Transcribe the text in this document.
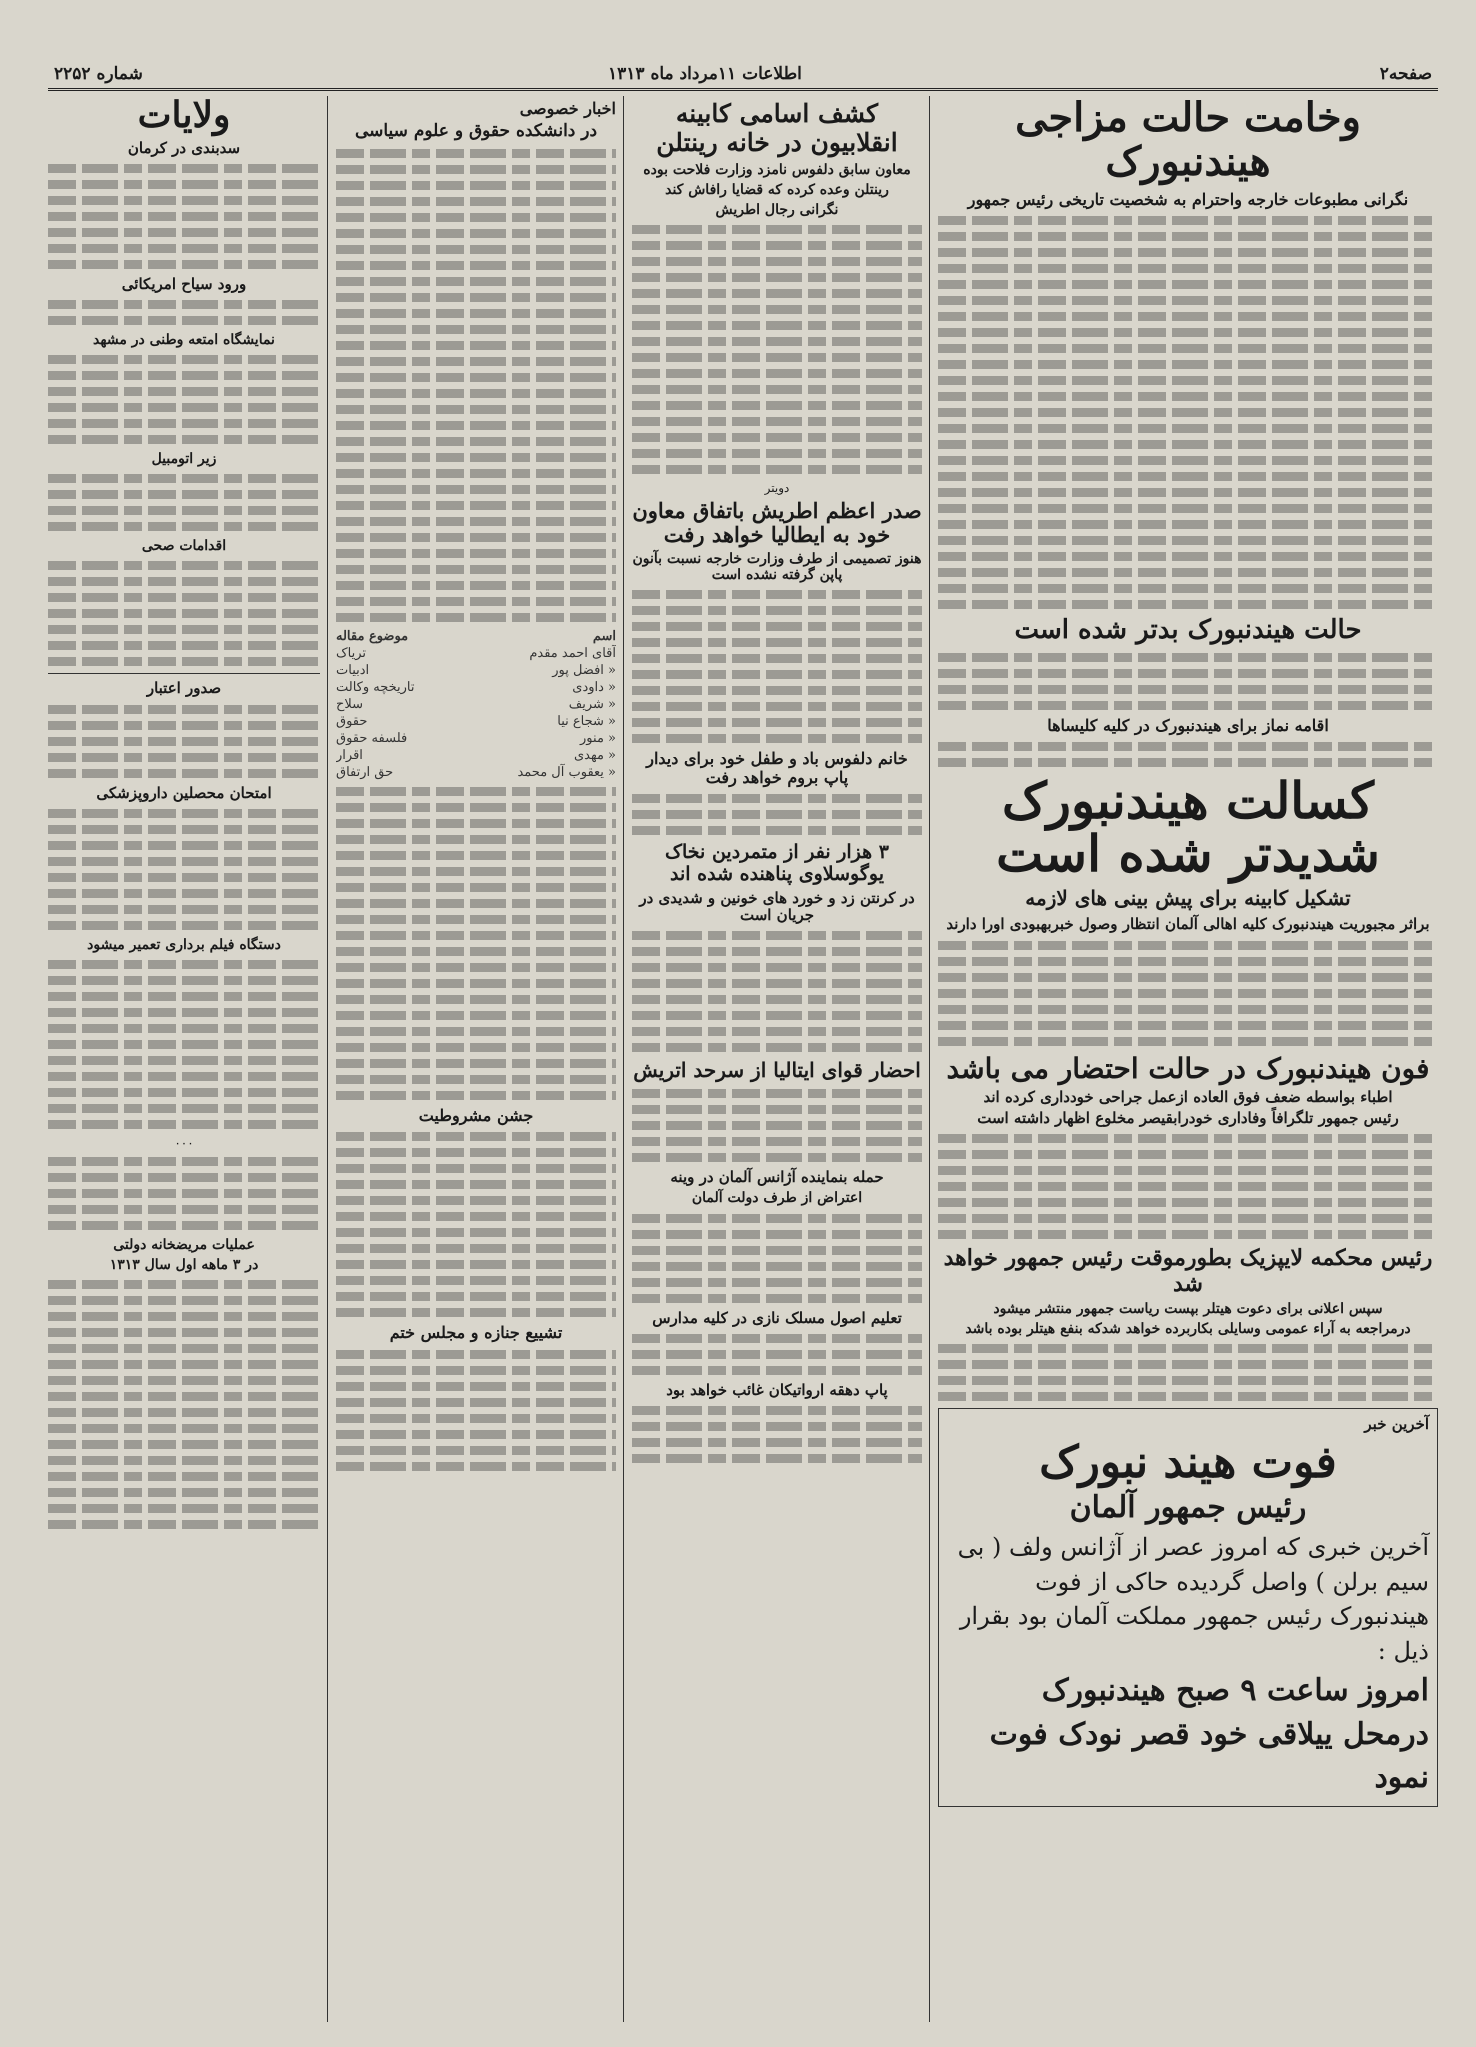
صفحه۲
اطلاعات ۱۱مرداد ماه ۱۳۱۳
شماره ۲۲۵۲
وخامت حالت مزاجی هیندنبورک
نگرانی مطبوعات خارجه واحترام به شخصیت تاریخی رئیس جمهور
حالت هیندنبورک بدتر شده است
اقامه نماز برای هیندنبورک در کلیه کلیساها
کسالت هیندنبورک شدیدتر شده است
تشکیل کابینه برای پیش بینی های لازمه
براثر مجبوریت هیندنبورک کلیه اهالی آلمان انتظار وصول خبربهبودی اورا دارند
فون هیندنبورک در حالت احتضار می باشد
اطباء بواسطه ضعف فوق العاده ازعمل جراحی خودداری کرده اند
رئیس جمهور تلگرافاً وفاداری خودرابقیصر مخلوع اظهار داشته است
رئیس محکمه لایپزیک بطورموقت رئیس جمهور خواهد شد
سپس اعلانی برای دعوت هیتلر بپست ریاست جمهور منتشر میشود
درمراجعه به آراء عمومی وسایلی بکاربرده خواهد شدکه بنفع هیتلر بوده باشد
آخرین خبر
فوت هیند نبورک
رئیس جمهور آلمان
آخرین خبری که امروز عصر از آژانس ولف ( بی سیم برلن ) واصل گردیده حاکی از فوت هیندنبورک رئیس جمهور مملکت آلمان بود بقرار ذیل :
امروز ساعت ۹ صبح هیندنبورک درمحل ییلاقی خود قصر نودک فوت نمود
کشف اسامی کابینه انقلابیون در خانه رینتلن
معاون سابق دلفوس نامزد وزارت فلاحت بوده
رینتلن وعده کرده که قضایا رافاش کند
نگرانی رجال اطریش
دویتر
صدر اعظم اطریش باتفاق معاون خود به ایطالیا خواهد رفت
هنوز تصمیمی از طرف وزارت خارجه نسبت بآنون پاپن گرفته نشده است
خانم دلفوس باد و طفل خود برای دیدار پاپ بروم خواهد رفت
۳ هزار نفر از متمردین نخاک یوگوسلاوی پناهنده شده اند
در کرنتن زد و خورد های خونین و شدیدی در جریان است
احضار قوای ایتالیا از سرحد اتریش
حمله بنماینده آژانس آلمان در وینه
اعتراض از طرف دولت آلمان
تعلیم اصول مسلک نازی در کلیه مدارس
پاپ دهقه ارواتیکان غائب خواهد بود
اخبار خصوصی
در دانشکده حقوق و علوم سیاسی
اسم
موضوع مقاله
آقای احمد مقدم
تریاک
« افضل پور
ادبیات
« داودی
تاریخچه وکالت
« شریف
سلاح
« شجاع نیا
حقوق
« منور
فلسفه حقوق
« مهدی
اقرار
« یعقوب آل محمد
حق ارتفاق
جشن مشروطیت
تشییع جنازه و مجلس ختم
ولایات
سدبندی در کرمان
ورود سیاح امریکائی
نمایشگاه امتعه وطنی در مشهد
زیر اتومبیل
اقدامات صحی
صدور اعتبار
امتحان محصلین داروپزشکی
دستگاه فیلم برداری تعمیر میشود
۰۰۰
عملیات مریضخانه دولتی
در ۳ ماهه اول سال ۱۳۱۳
